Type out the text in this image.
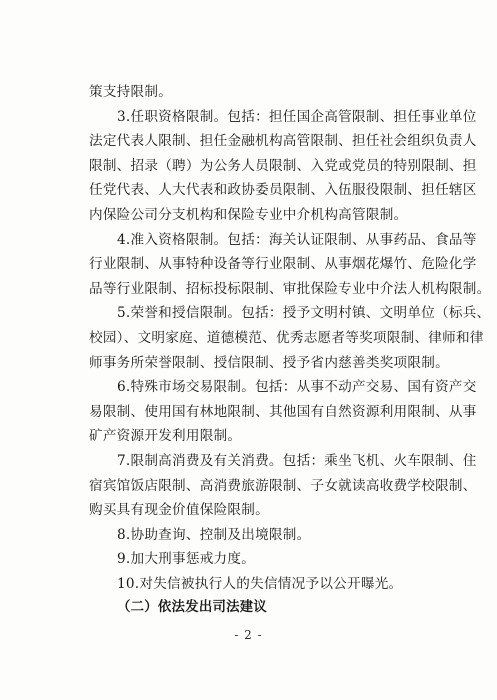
策支持限制。
3.任职资格限制。包括：担任国企高管限制、担任事业单位
法定代表人限制、担任金融机构高管限制、担任社会组织负责人
限制、招录（聘）为公务人员限制、入党或党员的特别限制、担
任党代表、人大代表和政协委员限制、入伍服役限制、担任辖区
内保险公司分支机构和保险专业中介机构高管限制。
4.准入资格限制。包括：海关认证限制、从事药品、食品等
行业限制、从事特种设备等行业限制、从事烟花爆竹、危险化学
品等行业限制、招标投标限制、审批保险专业中介法人机构限制。
5.荣誉和授信限制。包括：授予文明村镇、文明单位（标兵、
校园）、文明家庭、道德模范、优秀志愿者等奖项限制、律师和律
师事务所荣誉限制、授信限制、授予省内慈善类奖项限制。
6.特殊市场交易限制。包括：从事不动产交易、国有资产交
易限制、使用国有林地限制、其他国有自然资源利用限制、从事
矿产资源开发利用限制。
7.限制高消费及有关消费。包括：乘坐飞机、火车限制、住
宿宾馆饭店限制、高消费旅游限制、子女就读高收费学校限制、
购买具有现金价值保险限制。
8.协助查询、控制及出境限制。
9.加大刑事惩戒力度。
10.对失信被执行人的失信情况予以公开曝光。
（二）依法发出司法建议
- 2 -
